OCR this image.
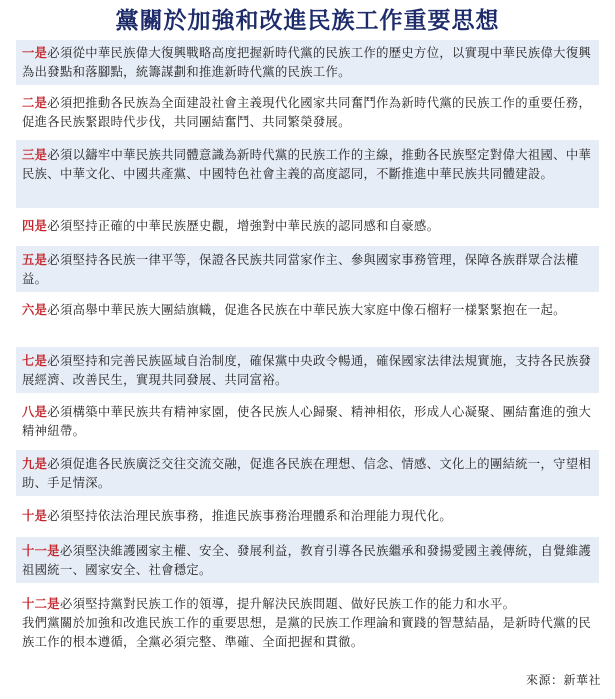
黨關於加強和改進民族工作重要思想
一是必須從中華民族偉大復興戰略高度把握新時代黨的民族工作的歷史方位，以實現中華民族偉大復興為出發點和落腳點，統籌謀劃和推進新時代黨的民族工作。
二是必須把推動各民族為全面建設社會主義現代化國家共同奮鬥作為新時代黨的民族工作的重要任務，促進各民族緊跟時代步伐，共同團結奮鬥、共同繁榮發展。
三是必須以鑄牢中華民族共同體意識為新時代黨的民族工作的主線，推動各民族堅定對偉大祖國、中華民族、中華文化、中國共產黨、中國特色社會主義的高度認同，不斷推進中華民族共同體建設。
四是必須堅持正確的中華民族歷史觀，增強對中華民族的認同感和自豪感。
五是必須堅持各民族一律平等，保證各民族共同當家作主、參與國家事務管理，保障各族群眾合法權益。
六是必須高舉中華民族大團結旗幟，促進各民族在中華民族大家庭中像石榴籽一樣緊緊抱在一起。
七是必須堅持和完善民族區域自治制度，確保黨中央政令暢通，確保國家法律法規實施，支持各民族發展經濟、改善民生，實現共同發展、共同富裕。
八是必須構築中華民族共有精神家園，使各民族人心歸聚、精神相依，形成人心凝聚、團結奮進的強大精神紐帶。
九是必須促進各民族廣泛交往交流交融，促進各民族在理想、信念、情感、文化上的團結統一，守望相助、手足情深。
十是必須堅持依法治理民族事務，推進民族事務治理體系和治理能力現代化。
十一是必須堅決維護國家主權、安全、發展利益，教育引導各民族繼承和發揚愛國主義傳統，自覺維護祖國統一、國家安全、社會穩定。
十二是必須堅持黨對民族工作的領導，提升解決民族問題、做好民族工作的能力和水平。
我們黨關於加強和改進民族工作的重要思想，是黨的民族工作理論和實踐的智慧結晶，是新時代黨的民族工作的根本遵循，全黨必須完整、準確、全面把握和貫徹。
來源：新華社
